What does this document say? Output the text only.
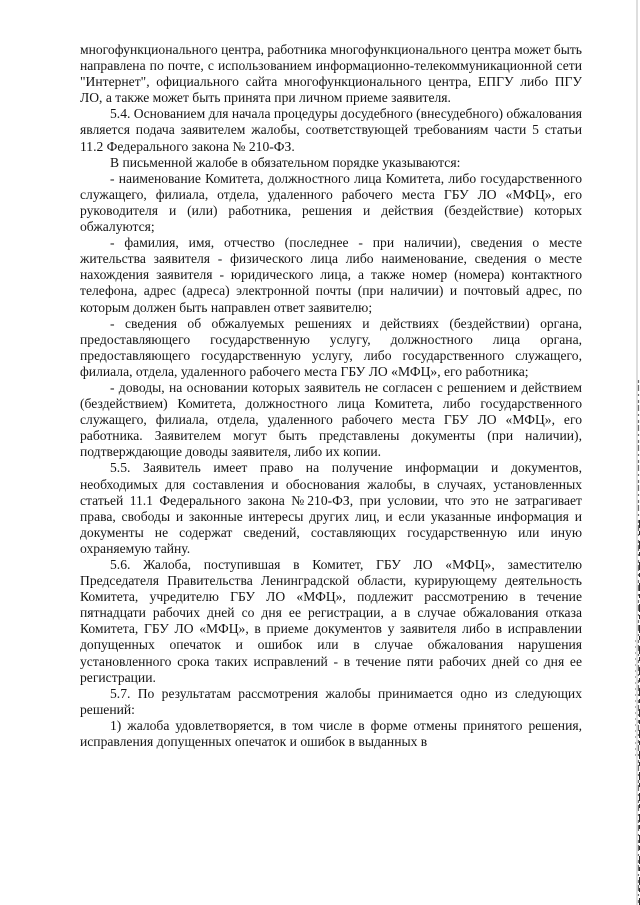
многофункционального центра, работника многофункционального центра может быть направлена по почте, с использованием информационно-телекоммуникационной сети "Интернет", официального сайта многофункционального центра, ЕПГУ либо ПГУ ЛО, а также может быть принята при личном приеме заявителя.

5.4. Основанием для начала процедуры досудебного (внесудебного) обжалования является подача заявителем жалобы, соответствующей требованиям части 5 статьи 11.2 Федерального закона № 210-ФЗ.

В письменной жалобе в обязательном порядке указываются:

- наименование Комитета, должностного лица Комитета, либо государственного служащего, филиала, отдела, удаленного рабочего места ГБУ ЛО «МФЦ», его руководителя и (или) работника, решения и действия (бездействие) которых обжалуются;

- фамилия, имя, отчество (последнее - при наличии), сведения о месте жительства заявителя - физического лица либо наименование, сведения о месте нахождения заявителя - юридического лица, а также номер (номера) контактного телефона, адрес (адреса) электронной почты (при наличии) и почтовый адрес, по которым должен быть направлен ответ заявителю;

- сведения об обжалуемых решениях и действиях (бездействии) органа, предоставляющего государственную услугу, должностного лица органа, предоставляющего государственную услугу, либо государственного служащего, филиала, отдела, удаленного рабочего места ГБУ ЛО «МФЦ», его работника;

- доводы, на основании которых заявитель не согласен с решением и действием (бездействием) Комитета, должностного лица Комитета, либо государственного служащего, филиала, отдела, удаленного рабочего места ГБУ ЛО «МФЦ», его работника. Заявителем могут быть представлены документы (при наличии), подтверждающие доводы заявителя, либо их копии.

5.5. Заявитель имеет право на получение информации и документов, необходимых для составления и обоснования жалобы, в случаях, установленных статьей 11.1 Федерального закона №210-ФЗ, при условии, что это не затрагивает права, свободы и законные интересы других лиц, и если указанные информация и документы не содержат сведений, составляющих государственную или иную охраняемую тайну.

5.6. Жалоба, поступившая в Комитет, ГБУ ЛО «МФЦ», заместителю Председателя Правительства Ленинградской области, курирующему деятельность Комитета, учредителю ГБУ ЛО «МФЦ», подлежит рассмотрению в течение пятнадцати рабочих дней со дня ее регистрации, а в случае обжалования отказа Комитета, ГБУ ЛО «МФЦ», в приеме документов у заявителя либо в исправлении допущенных опечаток и ошибок или в случае обжалования нарушения установленного срока таких исправлений - в течение пяти рабочих дней со дня ее регистрации.

5.7. По результатам рассмотрения жалобы принимается одно из следующих решений:

1) жалоба удовлетворяется, в том числе в форме отмены принятого решения, исправления допущенных опечаток и ошибок в выданных в
